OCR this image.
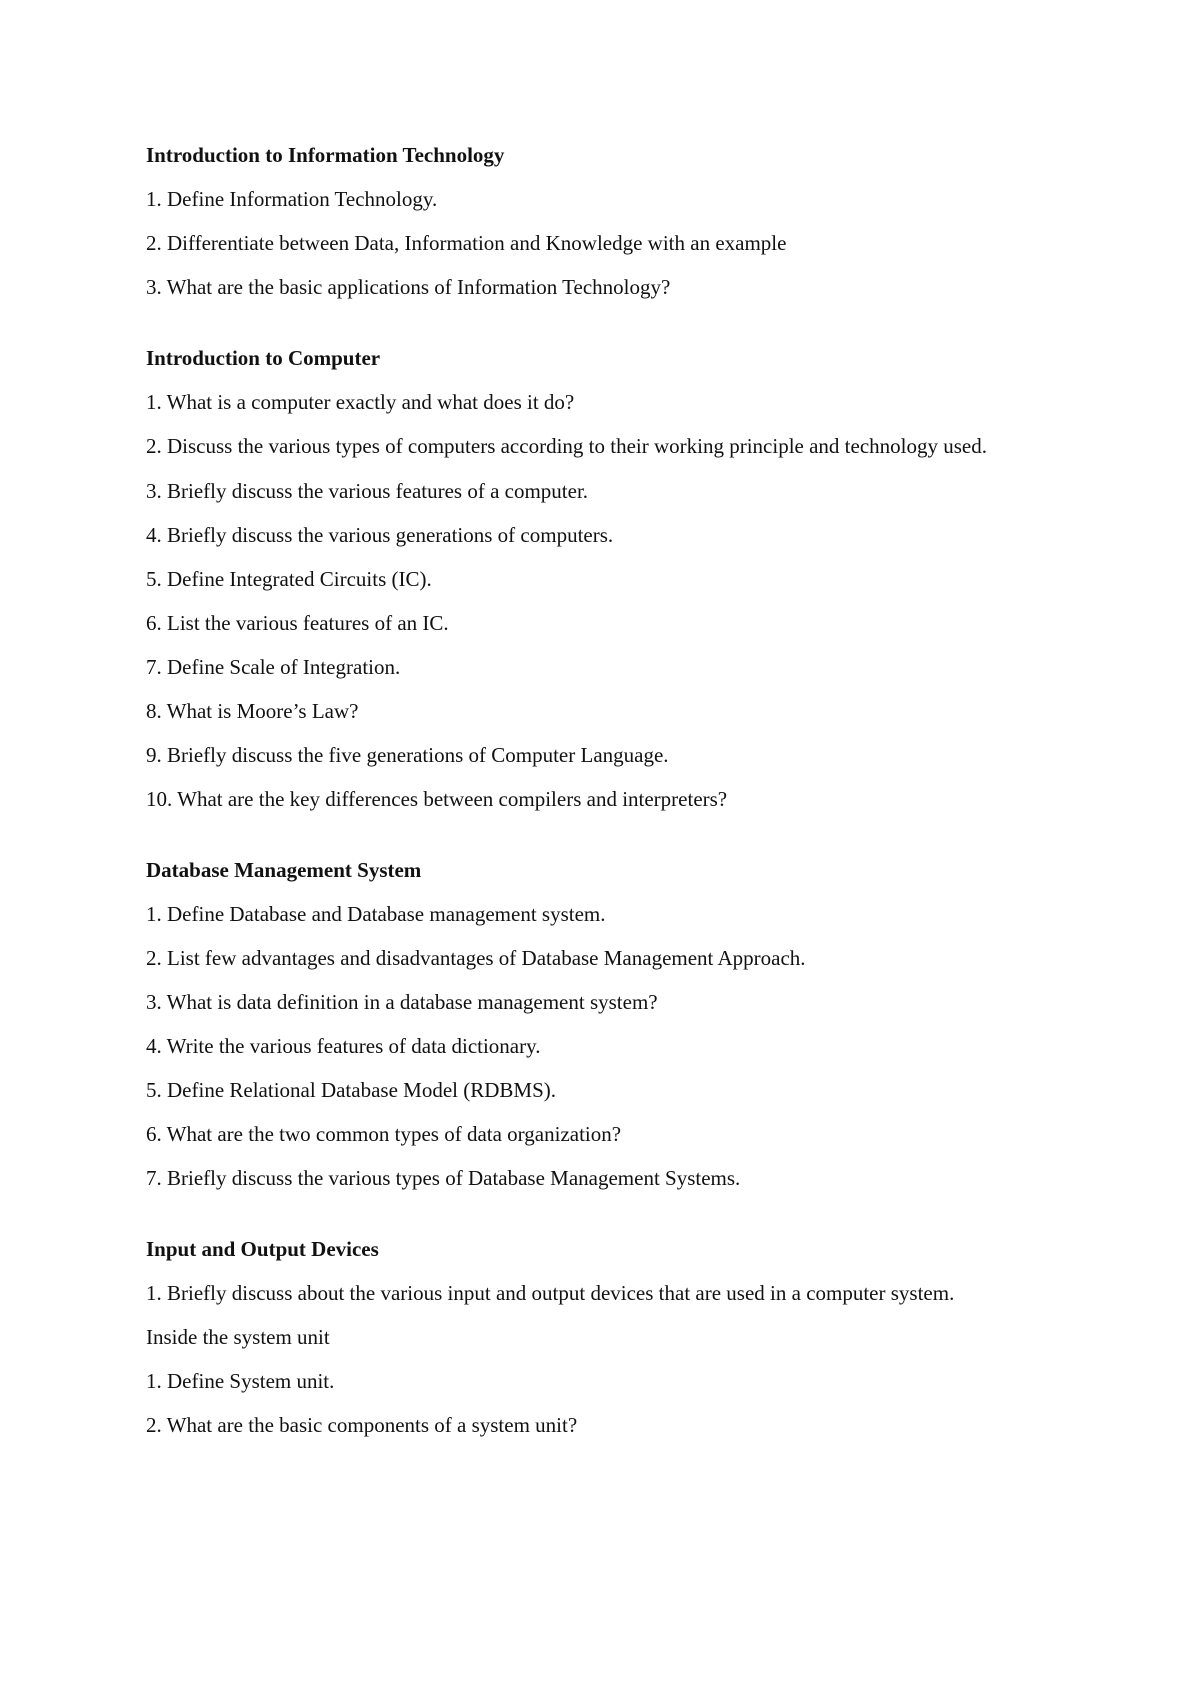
Introduction to Information Technology
1. Define Information Technology.
2. Differentiate between Data, Information and Knowledge with an example
3. What are the basic applications of Information Technology?
Introduction to Computer
1. What is a computer exactly and what does it do?
2. Discuss the various types of computers according to their working principle and technology used.
3. Briefly discuss the various features of a computer.
4. Briefly discuss the various generations of computers.
5. Define Integrated Circuits (IC).
6. List the various features of an IC.
7. Define Scale of Integration.
8. What is Moore’s Law?
9. Briefly discuss the five generations of Computer Language.
10. What are the key differences between compilers and interpreters?
Database Management System
1. Define Database and Database management system.
2. List few advantages and disadvantages of Database Management Approach.
3. What is data definition in a database management system?
4. Write the various features of data dictionary.
5. Define Relational Database Model (RDBMS).
6. What are the two common types of data organization?
7. Briefly discuss the various types of Database Management Systems.
Input and Output Devices
1. Briefly discuss about the various input and output devices that are used in a computer system.
Inside the system unit
1. Define System unit.
2. What are the basic components of a system unit?
